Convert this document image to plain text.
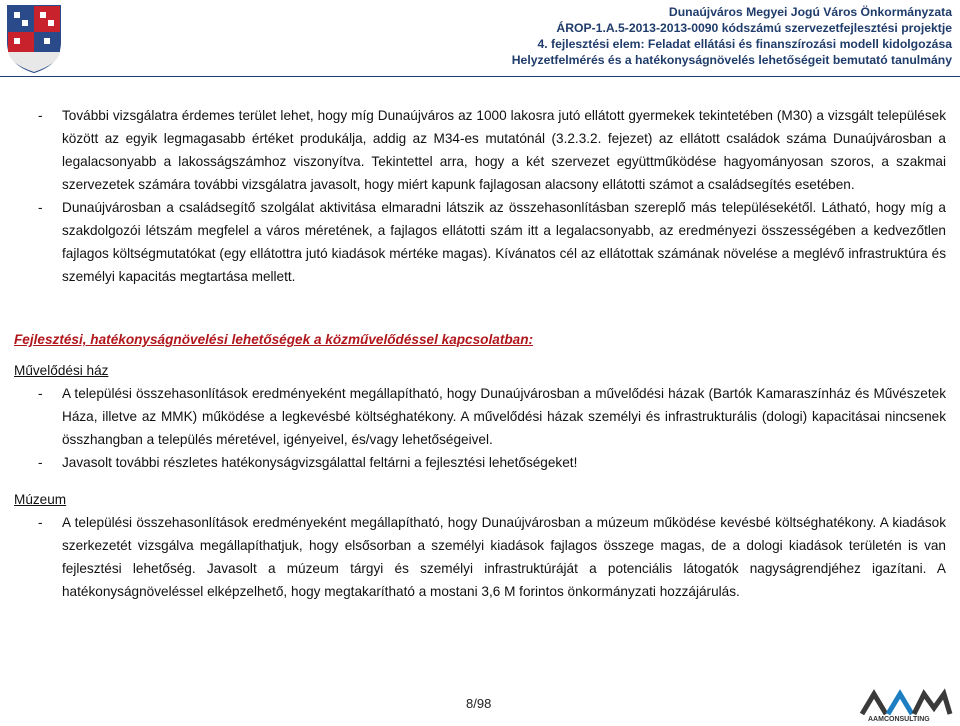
Dunaújváros Megyei Jogú Város Önkormányzata
ÁROP-1.A.5-2013-2013-0090 kódszámú szervezetfejlesztési projektje
4. fejlesztési elem: Feladat ellátási és finanszírozási modell kidolgozása
Helyzetfelmérés és a hatékonyságnövelés lehetőségeit bemutató tanulmány
-	További vizsgálatra érdemes terület lehet, hogy míg Dunaújváros az 1000 lakosra jutó ellátott gyermekek tekintetében (M30) a vizsgált települések között az egyik legmagasabb értéket produkálja, addig az M34-es mutatónál (3.2.3.2. fejezet) az ellátott családok száma Dunaújvárosban a legalacsonyabb a lakosságszámhoz viszonyítva. Tekintettel arra, hogy a két szervezet együttműködése hagyományosan szoros, a szakmai szervezetek számára további vizsgálatra javasolt, hogy miért kapunk fajlagosan alacsony ellátotti számot a családsegítés esetében.
-	Dunaújvárosban a családsegítő szolgálat aktivitása elmaradni látszik az összehasonlításban szereplő más településekétől. Látható, hogy míg a szakdolgozói létszám megfelel a város méretének, a fajlagos ellátotti szám itt a legalacsonyabb, az eredményezi összességében a kedvezőtlen fajlagos költségmutatókat (egy ellátottra jutó kiadások mértéke magas). Kívánatos cél az ellátottak számának növelése a meglévő infrastruktúra és személyi kapacitás megtartása mellett.
Fejlesztési, hatékonyságnövelési lehetőségek a közművelődéssel kapcsolatban:
Művelődési ház
-	A települési összehasonlítások eredményeként megállapítható, hogy Dunaújvárosban a művelődési házak (Bartók Kamaraszínház és Művészetek Háza, illetve az MMK) működése a legkevésbé költséghatékony. A művelődési házak személyi és infrastrukturális (dologi) kapacitásai nincsenek összhangban a település méretével, igényeivel, és/vagy lehetőségeivel.
-	Javasolt további részletes hatékonyságvizsgálattal feltárni a fejlesztési lehetőségeket!
Múzeum
-	A települési összehasonlítások eredményeként megállapítható, hogy Dunaújvárosban a múzeum működése kevésbé költséghatékony. A kiadások szerkezetét vizsgálva megállapíthatjuk, hogy elsősorban a személyi kiadások fajlagos összege magas, de a dologi kiadások területén is van fejlesztési lehetőség. Javasolt a múzeum tárgyi és személyi infrastruktúráját a potenciális látogatók nagyságrendjéhez igazítani. A hatékonyságnöveléssel elképzelhető, hogy megtakarítható a mostani 3,6 M forintos önkormányzati hozzájárulás.
8/98
AAMCONSULTING
